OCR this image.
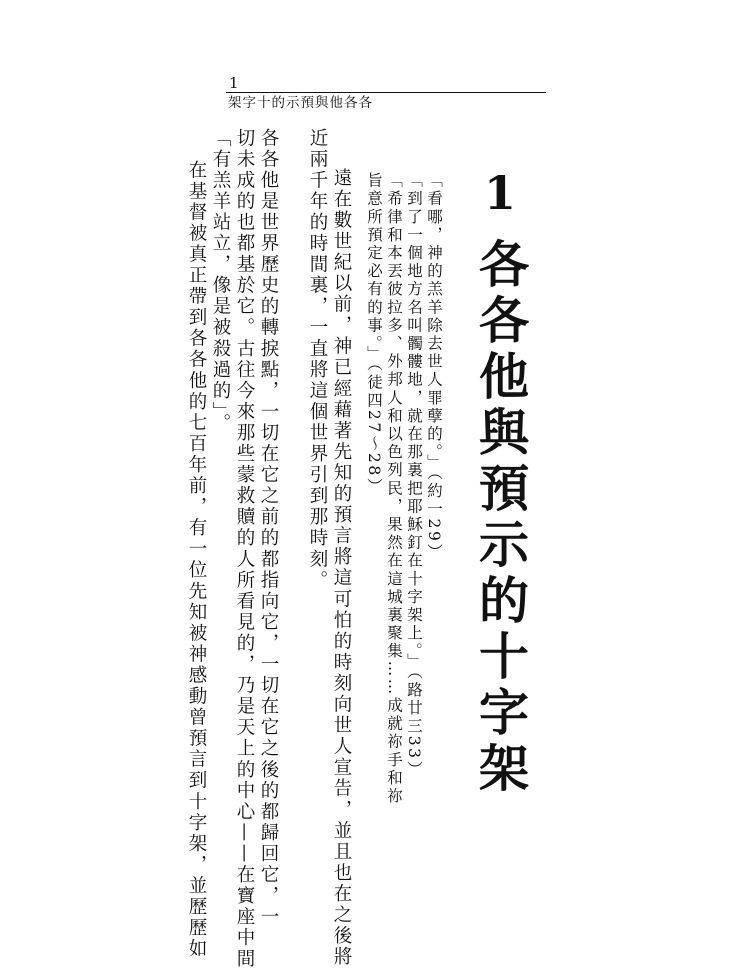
1
架字十的示預與他各各
1
各各他與預示的十字架
「看哪，神的羔羊除去世人罪孽的。」（約一29）
「到了一個地方名叫髑髏地，就在那裏把耶穌釘在十字架上。」（路廿三33）
「希律和本丟彼拉多、外邦人和以色列民，果然在這城裏聚集……成就祢手和祢
旨意所預定必有的事。」（徒四27～28）
遠在數世紀以前，神已經藉著先知的預言將這可怕的時刻向世人宣告，並且也在之後將
近兩千年的時間裏，一直將這個世界引到那時刻。
各各他是世界歷史的轉捩點，一切在它之前的都指向它，一切在它之後的都歸回它，一
切未成的也都基於它。古往今來那些蒙救贖的人所看見的，乃是天上的中心——在寶座中間
「有羔羊站立，像是被殺過的」。
在基督被真正帶到各各他的七百年前，有一位先知被神感動曾預言到十字架，並歷歷如
